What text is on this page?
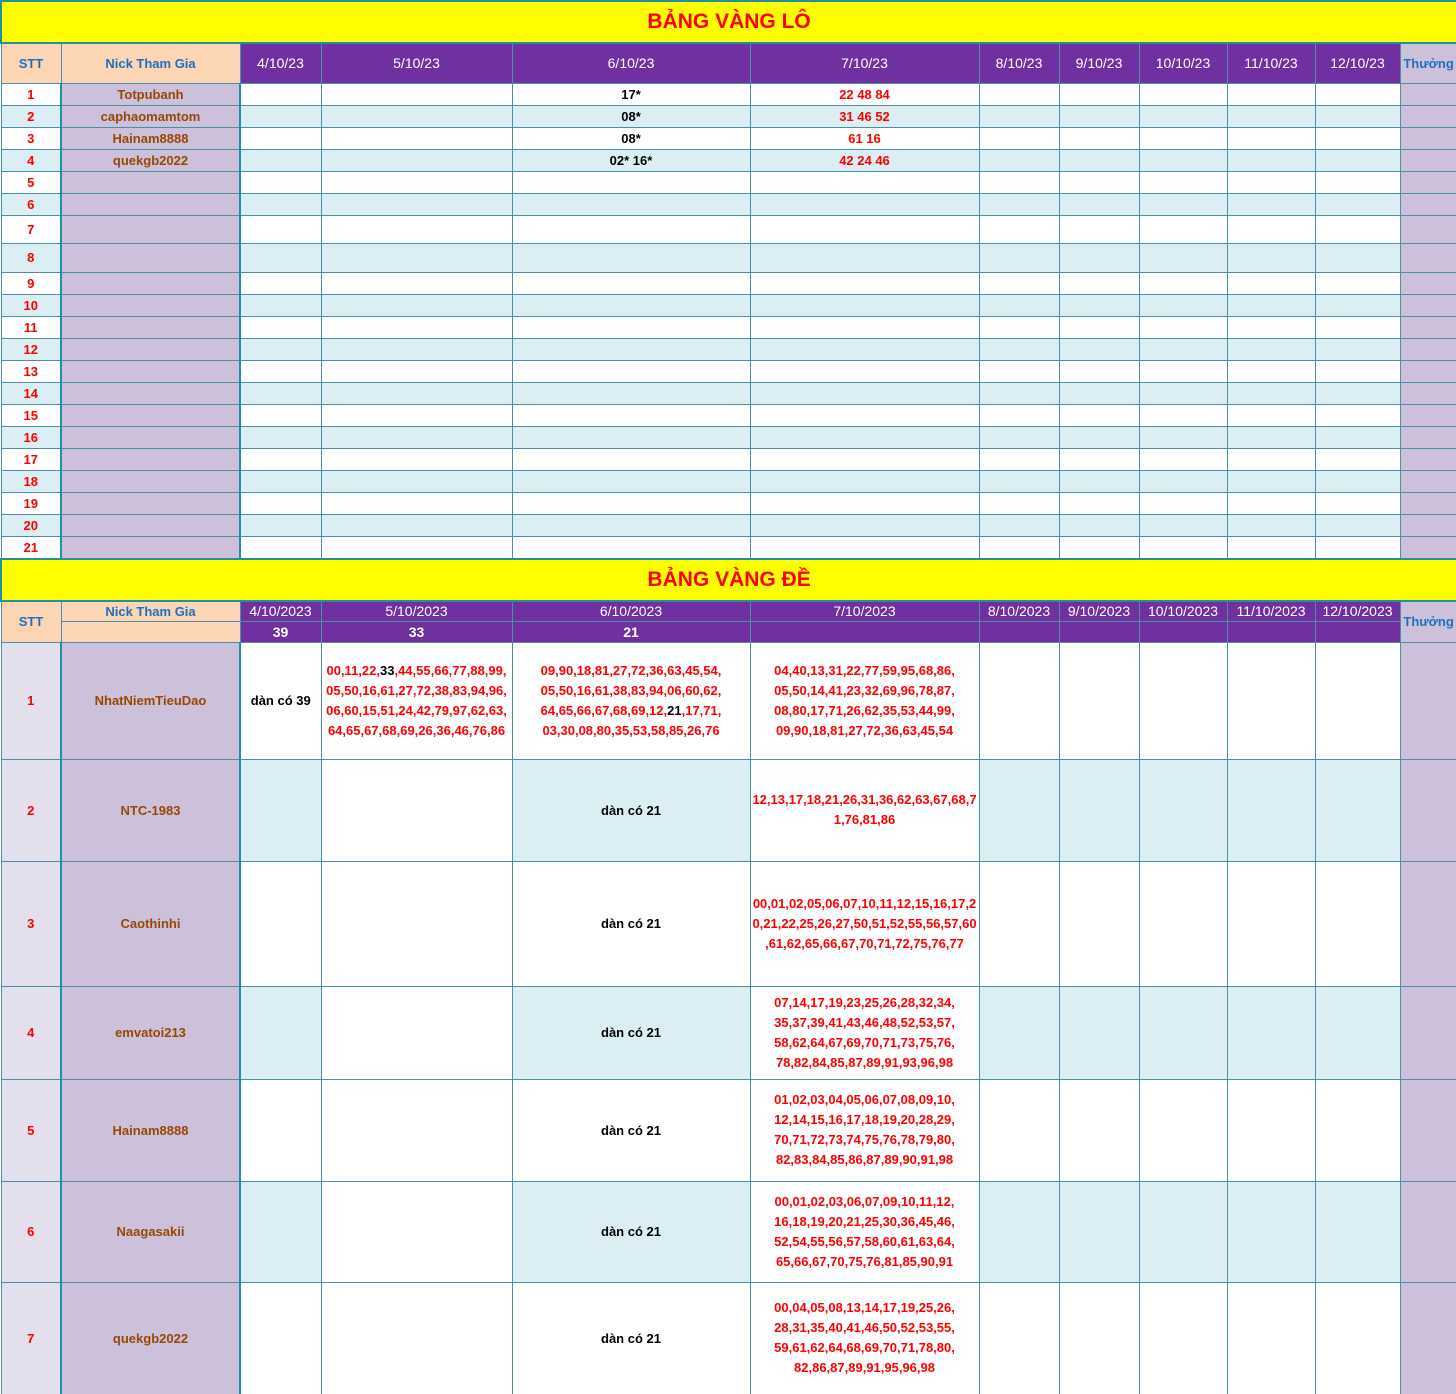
BẢNG VÀNG LÔ											
STT	Nick Tham Gia	4/10/23	5/10/23	6/10/23	7/10/23	8/10/23	9/10/23	10/10/23	11/10/23	12/10/23	Thưởng
1	Totpubanh			17*	22 48 84						
2	caphaomamtom			08*	31 46 52						
3	Hainam8888			08*	61 16						
4	quekgb2022			02* 16*	42 24 46						
5											
6											
7											
8											
9											
10											
11											
12											
13											
14											
15											
16											
17											
18											
19											
20											
21											
BẢNG VÀNG ĐỀ											
STT	Nick Tham Gia	4/10/2023	5/10/2023	6/10/2023	7/10/2023	8/10/2023	9/10/2023	10/10/2023	11/10/2023	12/10/2023	Thưởng
		39	33	21							
1	NhatNiemTieuDao	dàn có 39	00,11,22,33,44,55,66,77,88,99,
05,50,16,61,27,72,38,83,94,96,
06,60,15,51,24,42,79,97,62,63,
64,65,67,68,69,26,36,46,76,86	09,90,18,81,27,72,36,63,45,54,
05,50,16,61,38,83,94,06,60,62,
64,65,66,67,68,69,12,21,17,71,
03,30,08,80,35,53,58,85,26,76	04,40,13,31,22,77,59,95,68,86,
05,50,14,41,23,32,69,96,78,87,
08,80,17,71,26,62,35,53,44,99,
09,90,18,81,27,72,36,63,45,54						
2	NTC-1983			dàn có 21	12,13,17,18,21,26,31,36,62,63,67,68,7
1,76,81,86						
3	Caothinhi			dàn có 21	00,01,02,05,06,07,10,11,12,15,16,17,2
0,21,22,25,26,27,50,51,52,55,56,57,60
,61,62,65,66,67,70,71,72,75,76,77						
4	emvatoi213			dàn có 21	07,14,17,19,23,25,26,28,32,34,
35,37,39,41,43,46,48,52,53,57,
58,62,64,67,69,70,71,73,75,76,
78,82,84,85,87,89,91,93,96,98						
5	Hainam8888			dàn có 21	01,02,03,04,05,06,07,08,09,10,
12,14,15,16,17,18,19,20,28,29,
70,71,72,73,74,75,76,78,79,80,
82,83,84,85,86,87,89,90,91,98						
6	Naagasakii			dàn có 21	00,01,02,03,06,07,09,10,11,12,
16,18,19,20,21,25,30,36,45,46,
52,54,55,56,57,58,60,61,63,64,
65,66,67,70,75,76,81,85,90,91						
7	quekgb2022			dàn có 21	00,04,05,08,13,14,17,19,25,26,
28,31,35,40,41,46,50,52,53,55,
59,61,62,64,68,69,70,71,78,80,
82,86,87,89,91,95,96,98						
